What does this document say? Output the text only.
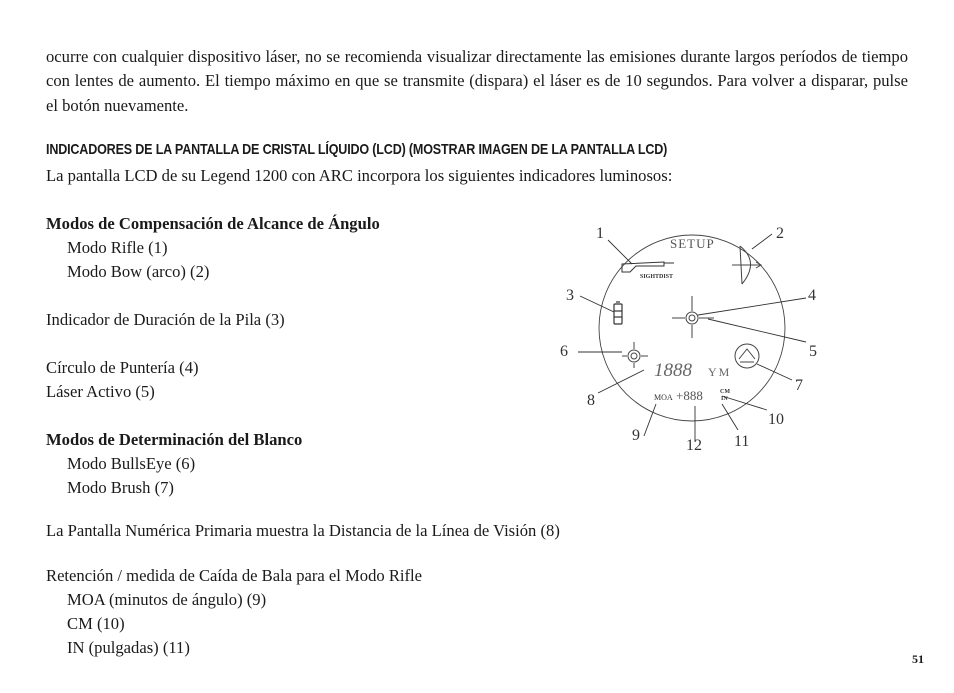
ocurre con cualquier dispositivo láser, no se recomienda visualizar directamente las emisiones durante largos períodos de tiempo con lentes de aumento. El tiempo máximo en que se transmite (dispara) el láser es de 10 segundos. Para volver a disparar, pulse el botón nuevamente.

INDICADORES DE LA PANTALLA DE CRISTAL LÍQUIDO (LCD) (MOSTRAR IMAGEN DE LA PANTALLA LCD)

La pantalla LCD de su Legend 1200 con ARC incorpora los siguientes indicadores luminosos:

Modos de Compensación de Alcance de Ángulo

Modo Rifle (1)

Modo Bow (arco) (2)

Indicador de Duración de la Pila (3)

Círculo de Puntería (4)

Láser Activo (5)

Modos de Determinación del Blanco

Modo BullsEye (6)

Modo Brush (7)

La Pantalla Numérica Primaria muestra la Distancia de la Línea de Visión (8)

Retención / medida de Caída de Bala para el Modo Rifle

MOA (minutos de ángulo) (9)

CM (10)

IN (pulgadas) (11)

51
SETUP
SIGHTDIST
1888 YM
MOA +888	CM
IN
1	2
3	4
5
6
7
8
9
10
11
12
